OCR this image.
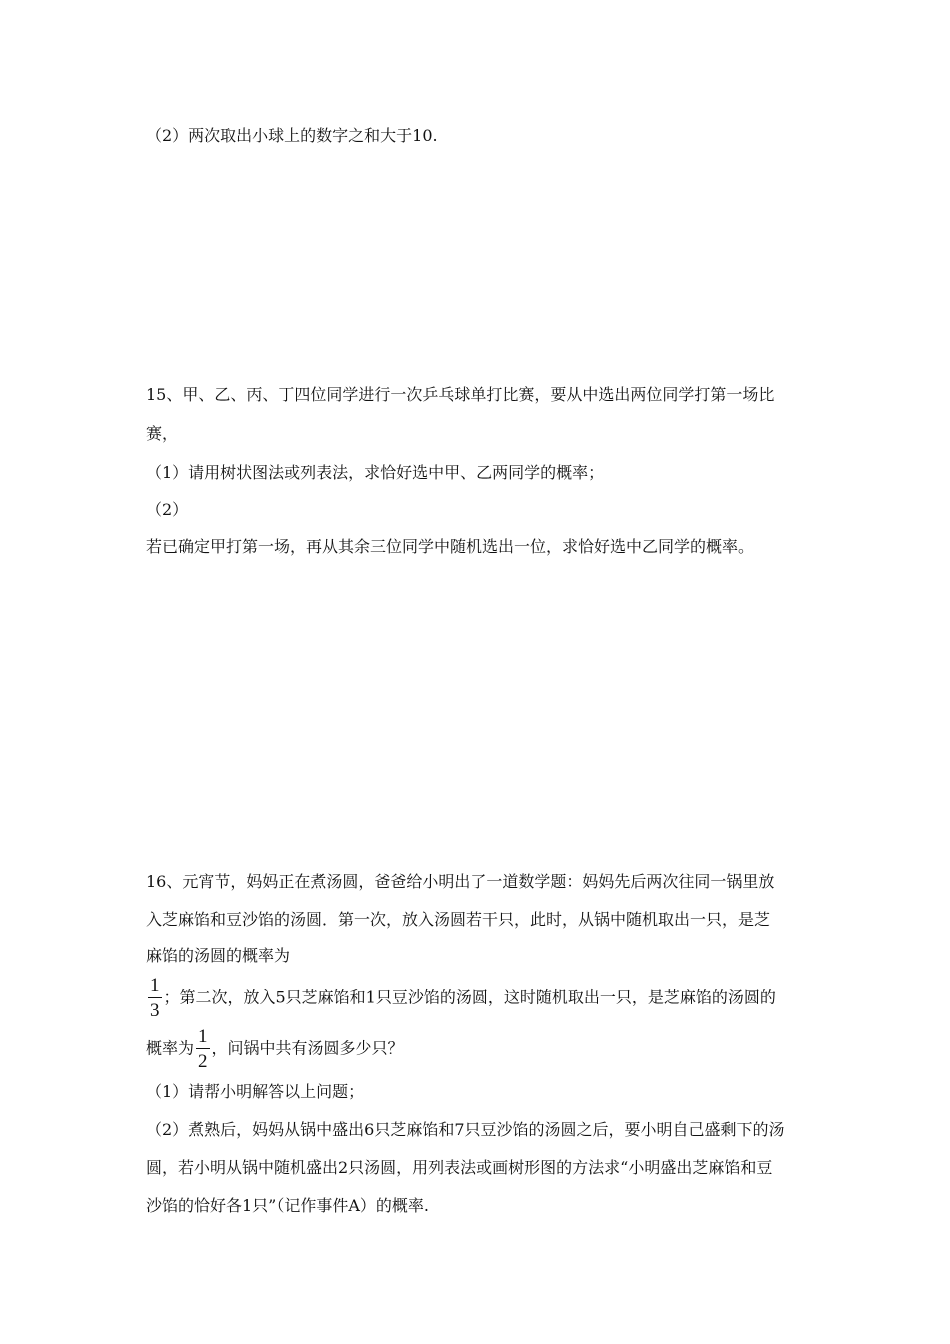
（2）两次取出小球上的数字之和大于10.
15、甲、乙、丙、丁四位同学进行一次乒乓球单打比赛，要从中选出两位同学打第一场比
赛，
（1）请用树状图法或列表法，求恰好选中甲、乙两同学的概率；
（2）
若已确定甲打第一场，再从其余三位同学中随机选出一位，求恰好选中乙同学的概率。
16、元宵节，妈妈正在煮汤圆，爸爸给小明出了一道数学题：妈妈先后两次往同一锅里放
入芝麻馅和豆沙馅的汤圆．第一次，放入汤圆若干只，此时，从锅中随机取出一只，是芝
麻馅的汤圆的概率为
$\frac{1}{3}$ ；第二次，放入5只芝麻馅和1只豆沙馅的汤圆，这时随机取出一只，是芝麻馅的汤圆的
概率为 $\frac{1}{2}$ ，问锅中共有汤圆多少只？
（1）请帮小明解答以上问题；
（2）煮熟后，妈妈从锅中盛出6只芝麻馅和7只豆沙馅的汤圆之后，要小明自己盛剩下的汤
圆，若小明从锅中随机盛出2只汤圆，用列表法或画树形图的方法求“小明盛出芝麻馅和豆
沙馅的恰好各1只”（记作事件A）的概率.
